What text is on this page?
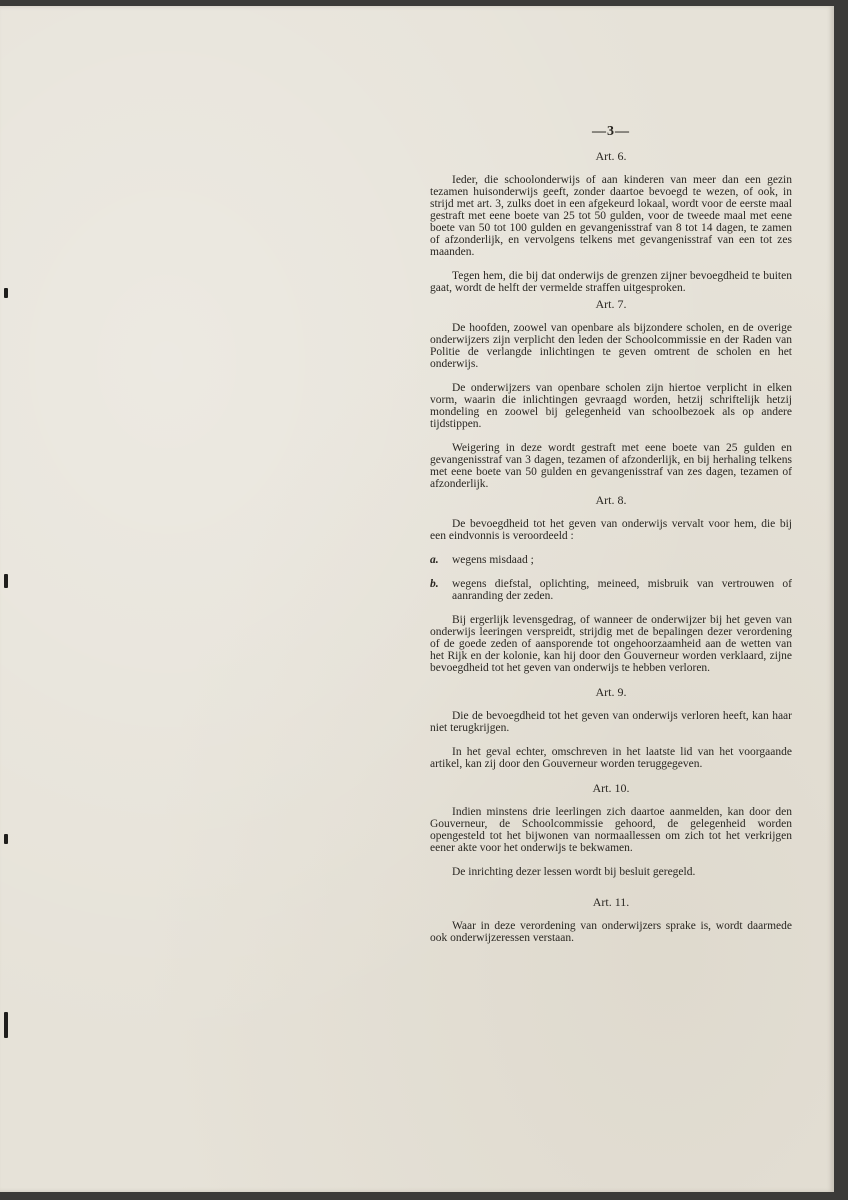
—3—
Art. 6.

Ieder, die schoolonderwijs of aan kinderen van meer dan een gezin tezamen huisonderwijs geeft, zonder daartoe bevoegd te wezen, of ook, in strijd met art. 3, zulks doet in een afgekeurd lokaal, wordt voor de eerste maal gestraft met eene boete van 25 tot 50 gulden, voor de tweede maal met eene boete van 50 tot 100 gulden en gevangenisstraf van 8 tot 14 dagen, te zamen of afzonderlijk, en vervolgens telkens met gevangenisstraf van een tot zes maanden.

Tegen hem, die bij dat onderwijs de grenzen zijner bevoegdheid te buiten gaat, wordt de helft der vermelde straffen uitgesproken.

Art. 7.

De hoofden, zoowel van openbare als bijzondere scholen, en de overige onderwijzers zijn verplicht den leden der Schoolcommissie en der Raden van Politie de verlangde inlichtingen te geven omtrent de scholen en het onderwijs.

De onderwijzers van openbare scholen zijn hiertoe verplicht in elken vorm, waarin die inlichtingen gevraagd worden, hetzij schriftelijk hetzij mondeling en zoowel bij gelegenheid van schoolbezoek als op andere tijdstippen.

Weigering in deze wordt gestraft met eene boete van 25 gulden en gevangenisstraf van 3 dagen, tezamen of afzonderlijk, en bij herhaling telkens met eene boete van 50 gulden en gevangenisstraf van zes dagen, tezamen of afzonderlijk.

Art. 8.

De bevoegdheid tot het geven van onderwijs vervalt voor hem, die bij een eindvonnis is veroordeeld :

a.	wegens misdaad ;
b.	wegens diefstal, oplichting, meineed, misbruik van vertrouwen of aanranding der zeden.

Bij ergerlijk levensgedrag, of wanneer de onderwijzer bij het geven van onderwijs leeringen verspreidt, strijdig met de bepalingen dezer verordening of de goede zeden of aansporende tot ongehoorzaamheid aan de wetten van het Rijk en der kolonie, kan hij door den Gouverneur worden verklaard, zijne bevoegdheid tot het geven van onderwijs te hebben verloren.

Art. 9.

Die de bevoegdheid tot het geven van onderwijs verloren heeft, kan haar niet terugkrijgen.

In het geval echter, omschreven in het laatste lid van het voorgaande artikel, kan zij door den Gouverneur worden teruggegeven.

Art. 10.

Indien minstens drie leerlingen zich daartoe aanmelden, kan door den Gouverneur, de Schoolcommissie gehoord, de gelegenheid worden opengesteld tot het bijwonen van normaallessen om zich tot het verkrijgen eener akte voor het onderwijs te bekwamen.

De inrichting dezer lessen wordt bij besluit geregeld.

Art. 11.

Waar in deze verordening van onderwijzers sprake is, wordt daarmede ook onderwijzeressen verstaan.
